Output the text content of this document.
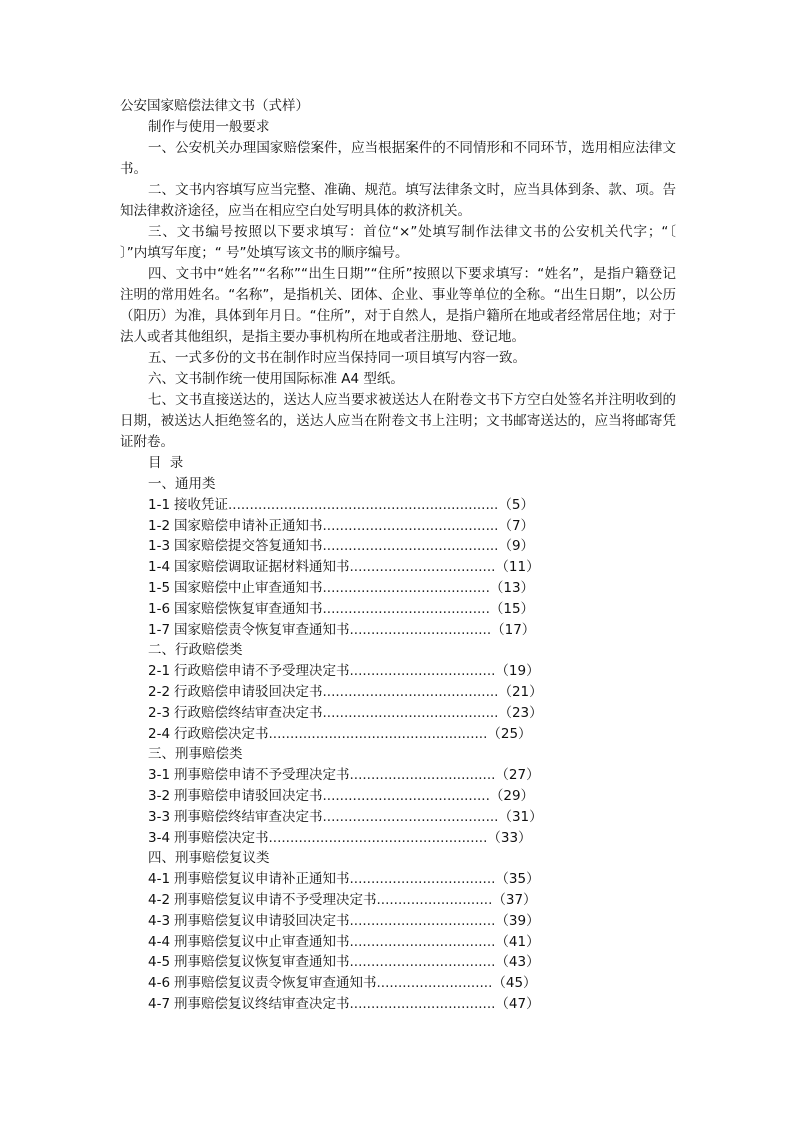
公安国家赔偿法律文书（式样）
制作与使用一般要求

一、公安机关办理国家赔偿案件，应当根据案件的不同情形和不同环节，选用相应法律文书。

二、文书内容填写应当完整、准确、规范。填写法律条文时，应当具体到条、款、项。告知法律救济途径，应当在相应空白处写明具体的救济机关。

三、文书编号按照以下要求填写：首位“×”处填写制作法律文书的公安机关代字；“〔 〕”内填写年度；“ 号”处填写该文书的顺序编号。

四、文书中“姓名”“名称”“出生日期”“住所”按照以下要求填写：“姓名”，是指户籍登记注明的常用姓名。“名称”，是指机关、团体、企业、事业等单位的全称。“出生日期”，以公历（阳历）为准，具体到年月日。“住所”，对于自然人，是指户籍所在地或者经常居住地；对于法人或者其他组织，是指主要办事机构所在地或者注册地、登记地。

五、一式多份的文书在制作时应当保持同一项目填写内容一致。

六、文书制作统一使用国际标准 A4 型纸。

七、文书直接送达的，送达人应当要求被送达人在附卷文书下方空白处签名并注明收到的日期，被送达人拒绝签名的，送达人应当在附卷文书上注明；文书邮寄送达的，应当将邮寄凭证附卷。

目 录
一、通用类
1-1 接收凭证...............................................................（5）
1-2 国家赔偿申请补正通知书.........................................（7）
1-3 国家赔偿提交答复通知书.........................................（9）
1-4 国家赔偿调取证据材料通知书..................................（11）
1-5 国家赔偿中止审查通知书.......................................（13）
1-6 国家赔偿恢复审查通知书.......................................（15）
1-7 国家赔偿责令恢复审查通知书.................................（17）
二、行政赔偿类
2-1 行政赔偿申请不予受理决定书..................................（19）
2-2 行政赔偿申请驳回决定书.........................................（21）
2-3 行政赔偿终结审查决定书.........................................（23）
2-4 行政赔偿决定书...................................................（25）
三、刑事赔偿类
3-1 刑事赔偿申请不予受理决定书..................................（27）
3-2 刑事赔偿申请驳回决定书.......................................（29）
3-3 刑事赔偿终结审查决定书.........................................（31）
3-4 刑事赔偿决定书...................................................（33）
四、刑事赔偿复议类
4-1 刑事赔偿复议申请补正通知书..................................（35）
4-2 刑事赔偿复议申请不予受理决定书...........................（37）
4-3 刑事赔偿复议申请驳回决定书..................................（39）
4-4 刑事赔偿复议中止审查通知书..................................（41）
4-5 刑事赔偿复议恢复审查通知书..................................（43）
4-6 刑事赔偿复议责令恢复审查通知书...........................（45）
4-7 刑事赔偿复议终结审查决定书..................................（47）
